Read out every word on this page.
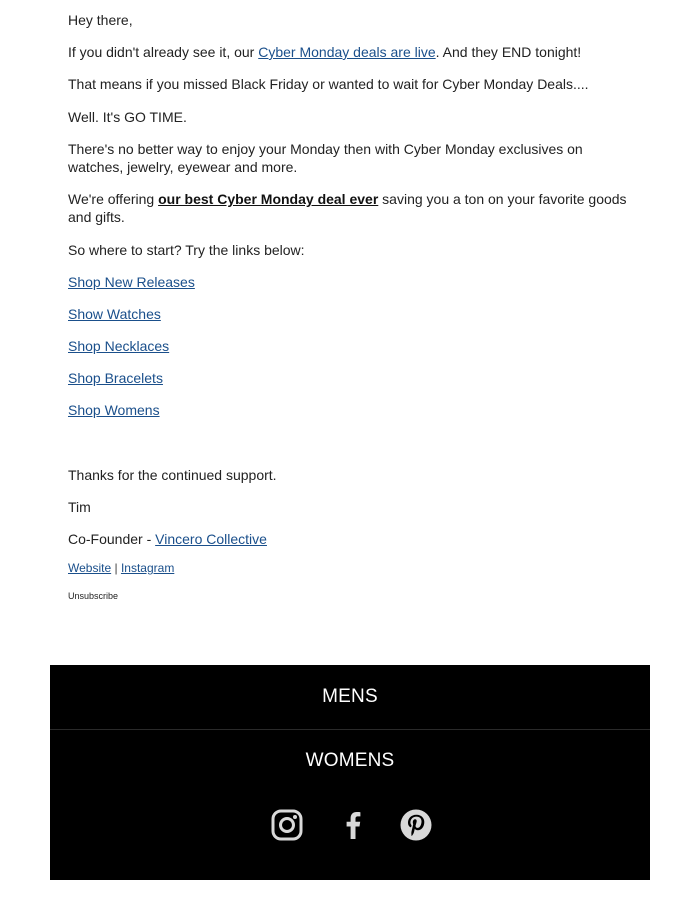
Hey there,

If you didn't already see it, our Cyber Monday deals are live. And they END tonight!

That means if you missed Black Friday or wanted to wait for Cyber Monday Deals....

Well. It's GO TIME.

There's no better way to enjoy your Monday then with Cyber Monday exclusives on watches, jewelry, eyewear and more.

We're offering our best Cyber Monday deal ever saving you a ton on your favorite goods and gifts.

So where to start? Try the links below:

Shop New Releases

Show Watches

Shop Necklaces

Shop Bracelets

Shop Womens

Thanks for the continued support.

Tim

Co-Founder - Vincero Collective

Website | Instagram

Unsubscribe

MENS
WOMENS
